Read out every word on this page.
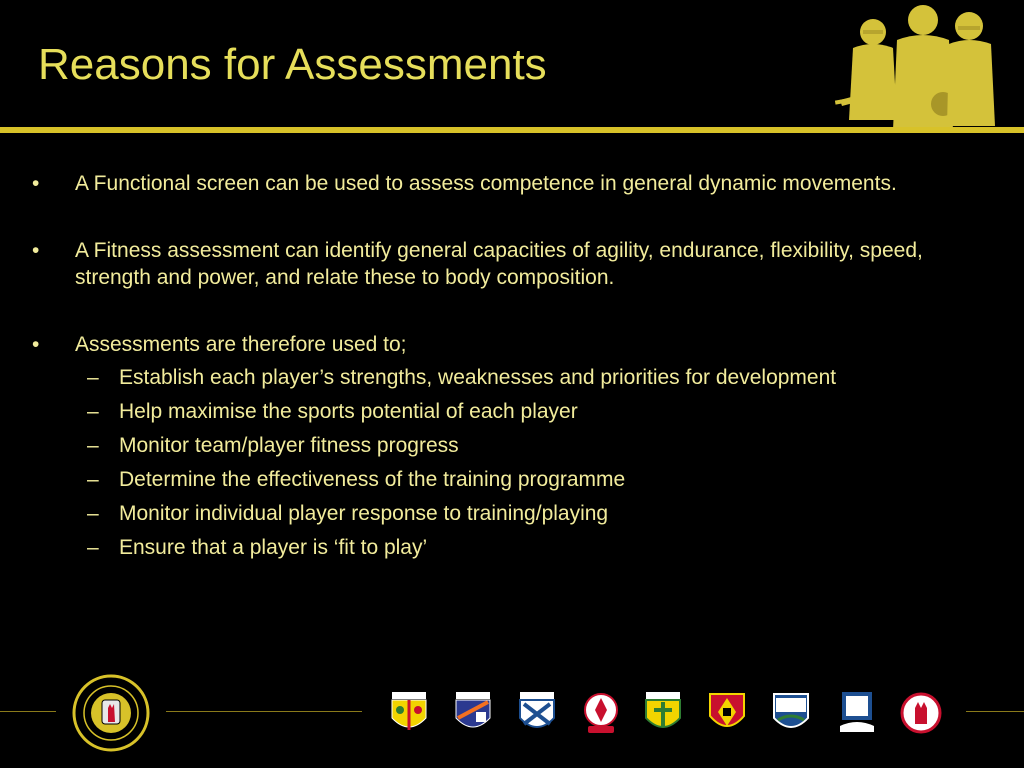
Reasons for Assessments
•	A Functional screen can be used to assess competence in general dynamic movements.
•	A Fitness assessment can identify general capacities of agility, endurance, flexibility, speed, strength and power, and relate these to body composition.
•	Assessments are therefore used to;
– Establish each player’s strengths, weaknesses and priorities for development
– Help maximise the sports potential of each player
– Monitor team/player fitness progress
– Determine the effectiveness of the training programme
– Monitor individual player response to training/playing
– Ensure that a player is ‘fit to play’
